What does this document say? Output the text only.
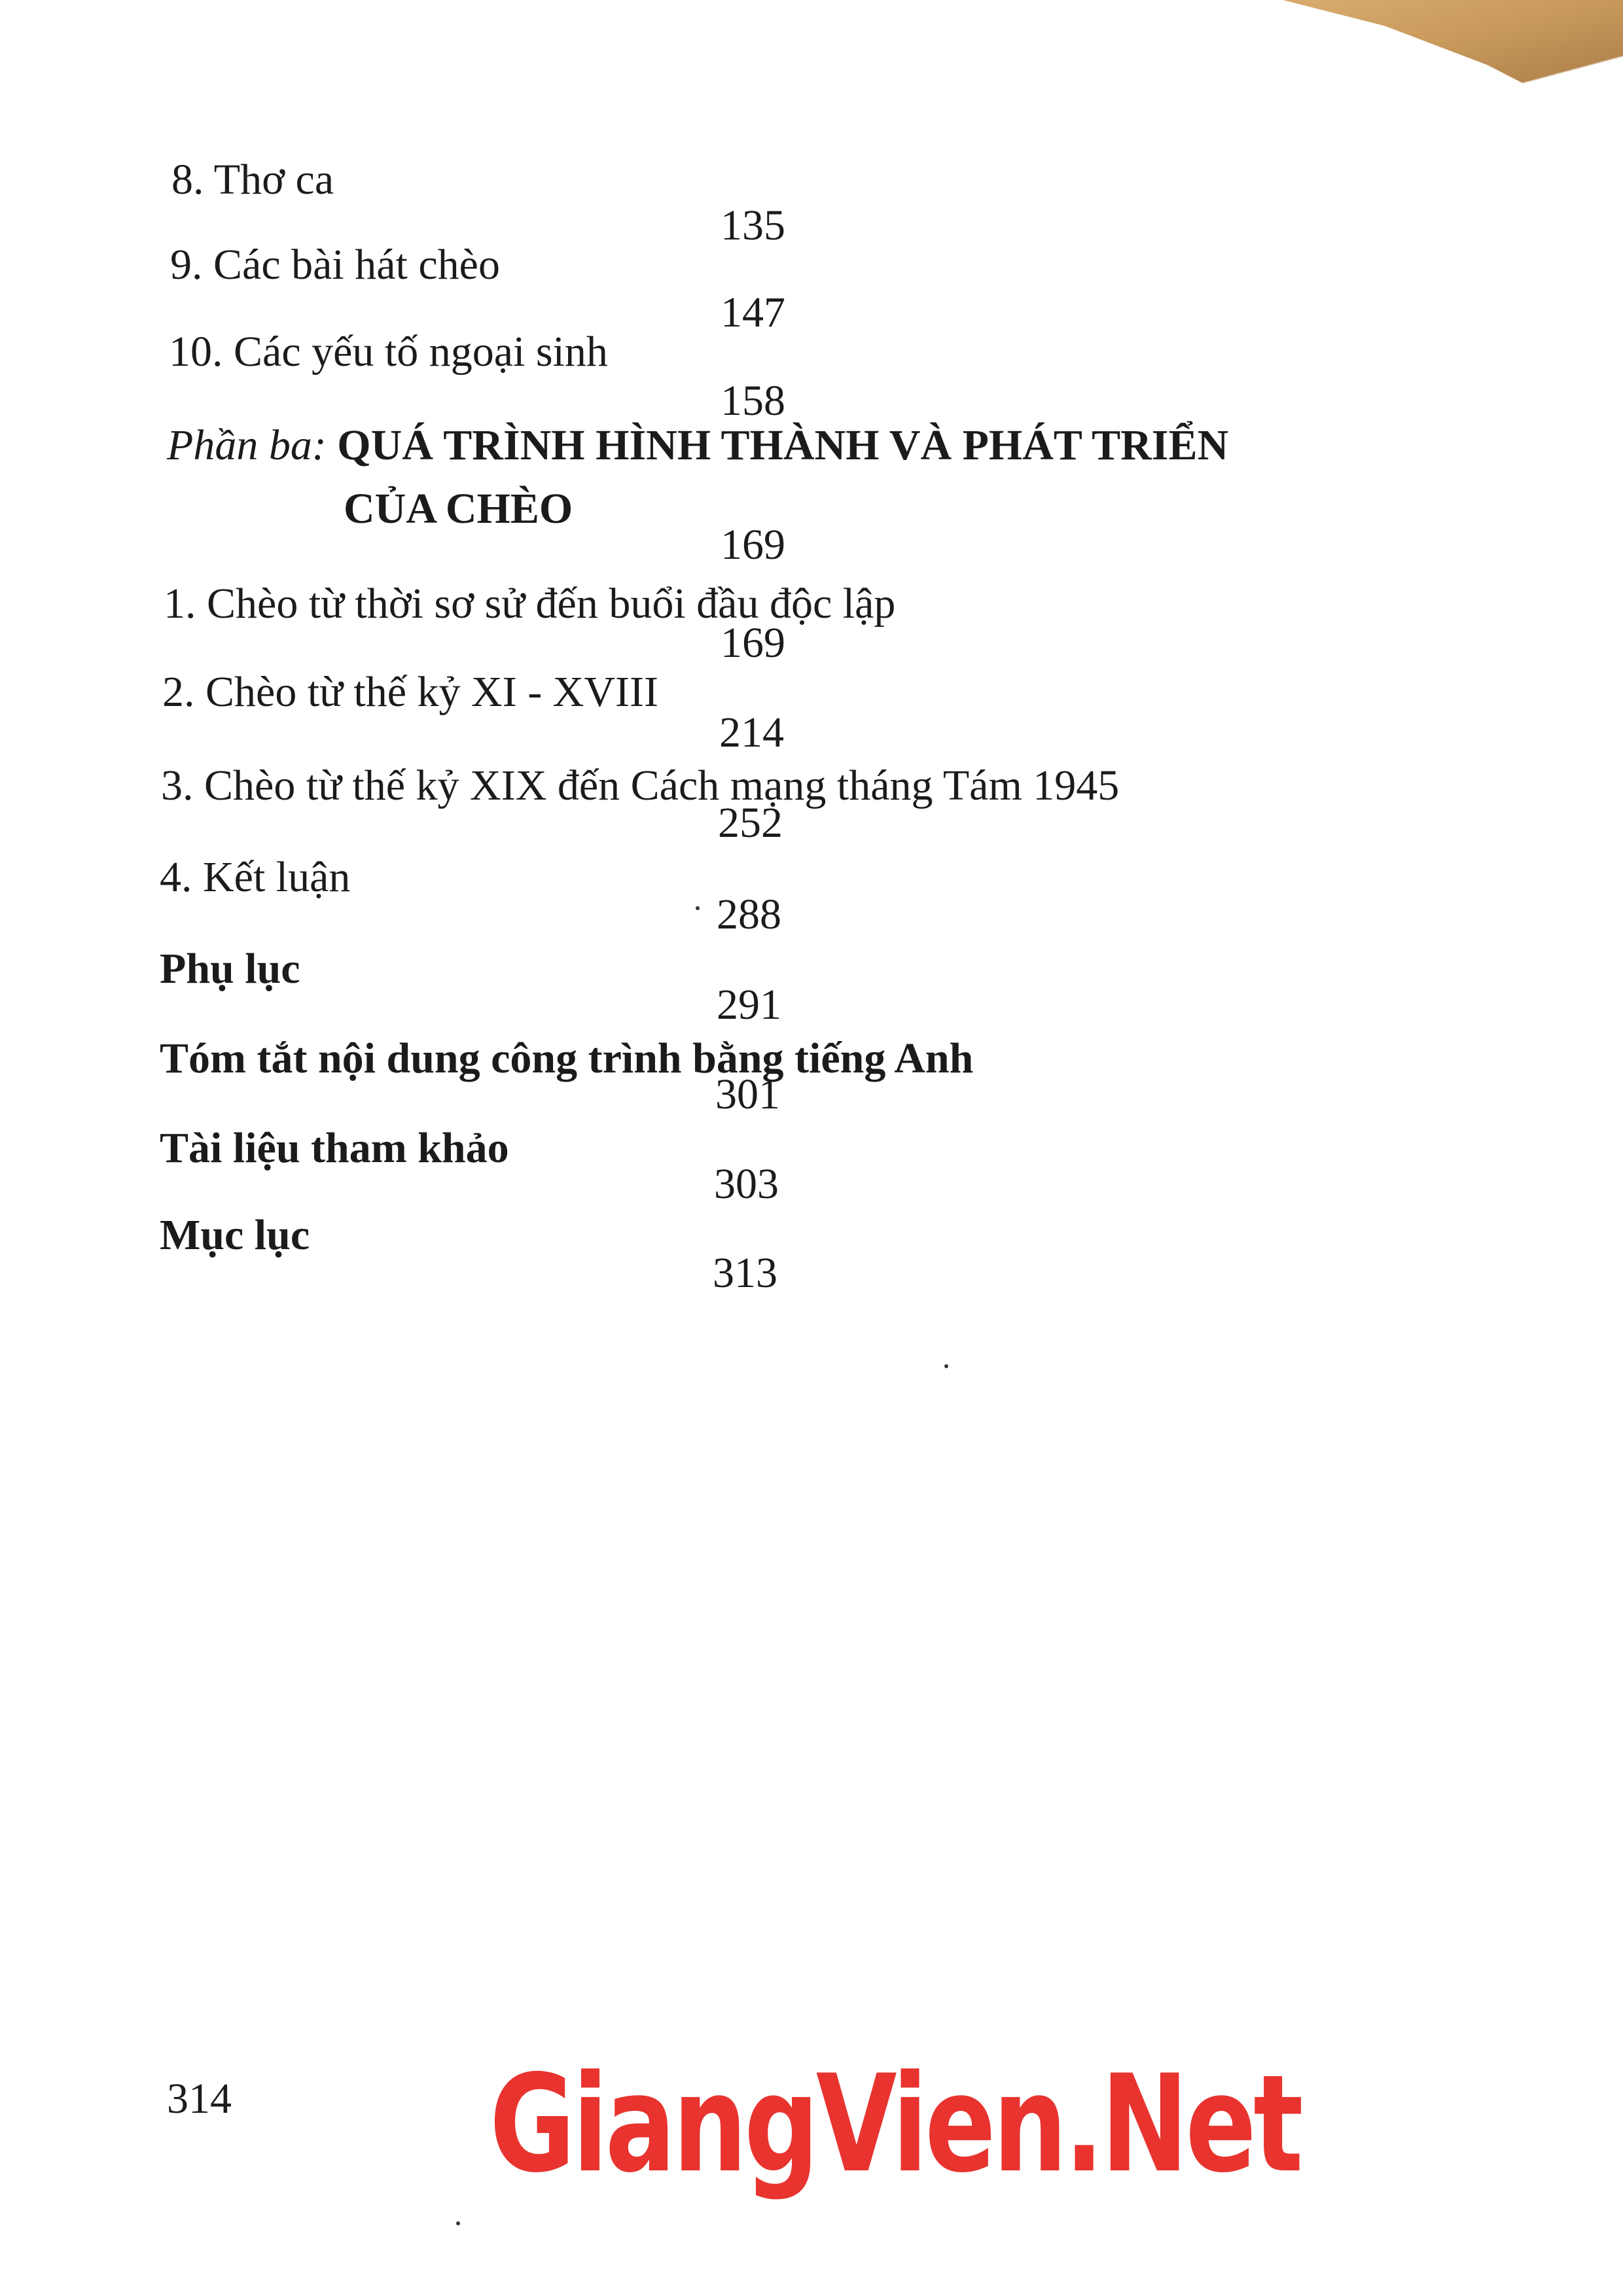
8. Thơ ca
135
9. Các bài hát chèo
147
10. Các yếu tố ngoại sinh
158
Phần ba: QUÁ TRÌNH HÌNH THÀNH VÀ PHÁT TRIỂN
CỦA CHÈO
169
1. Chèo từ thời sơ sử đến buổi đầu độc lập
169
2. Chèo từ thế kỷ XI - XVIII
214
3. Chèo từ thế kỷ XIX đến Cách mạng tháng Tám 1945
252
4. Kết luận
288
Phụ lục
291
Tóm tắt nội dung công trình bằng tiếng Anh
301
Tài liệu tham khảo
303
Mục lục
313
314 GiangVien.Net
